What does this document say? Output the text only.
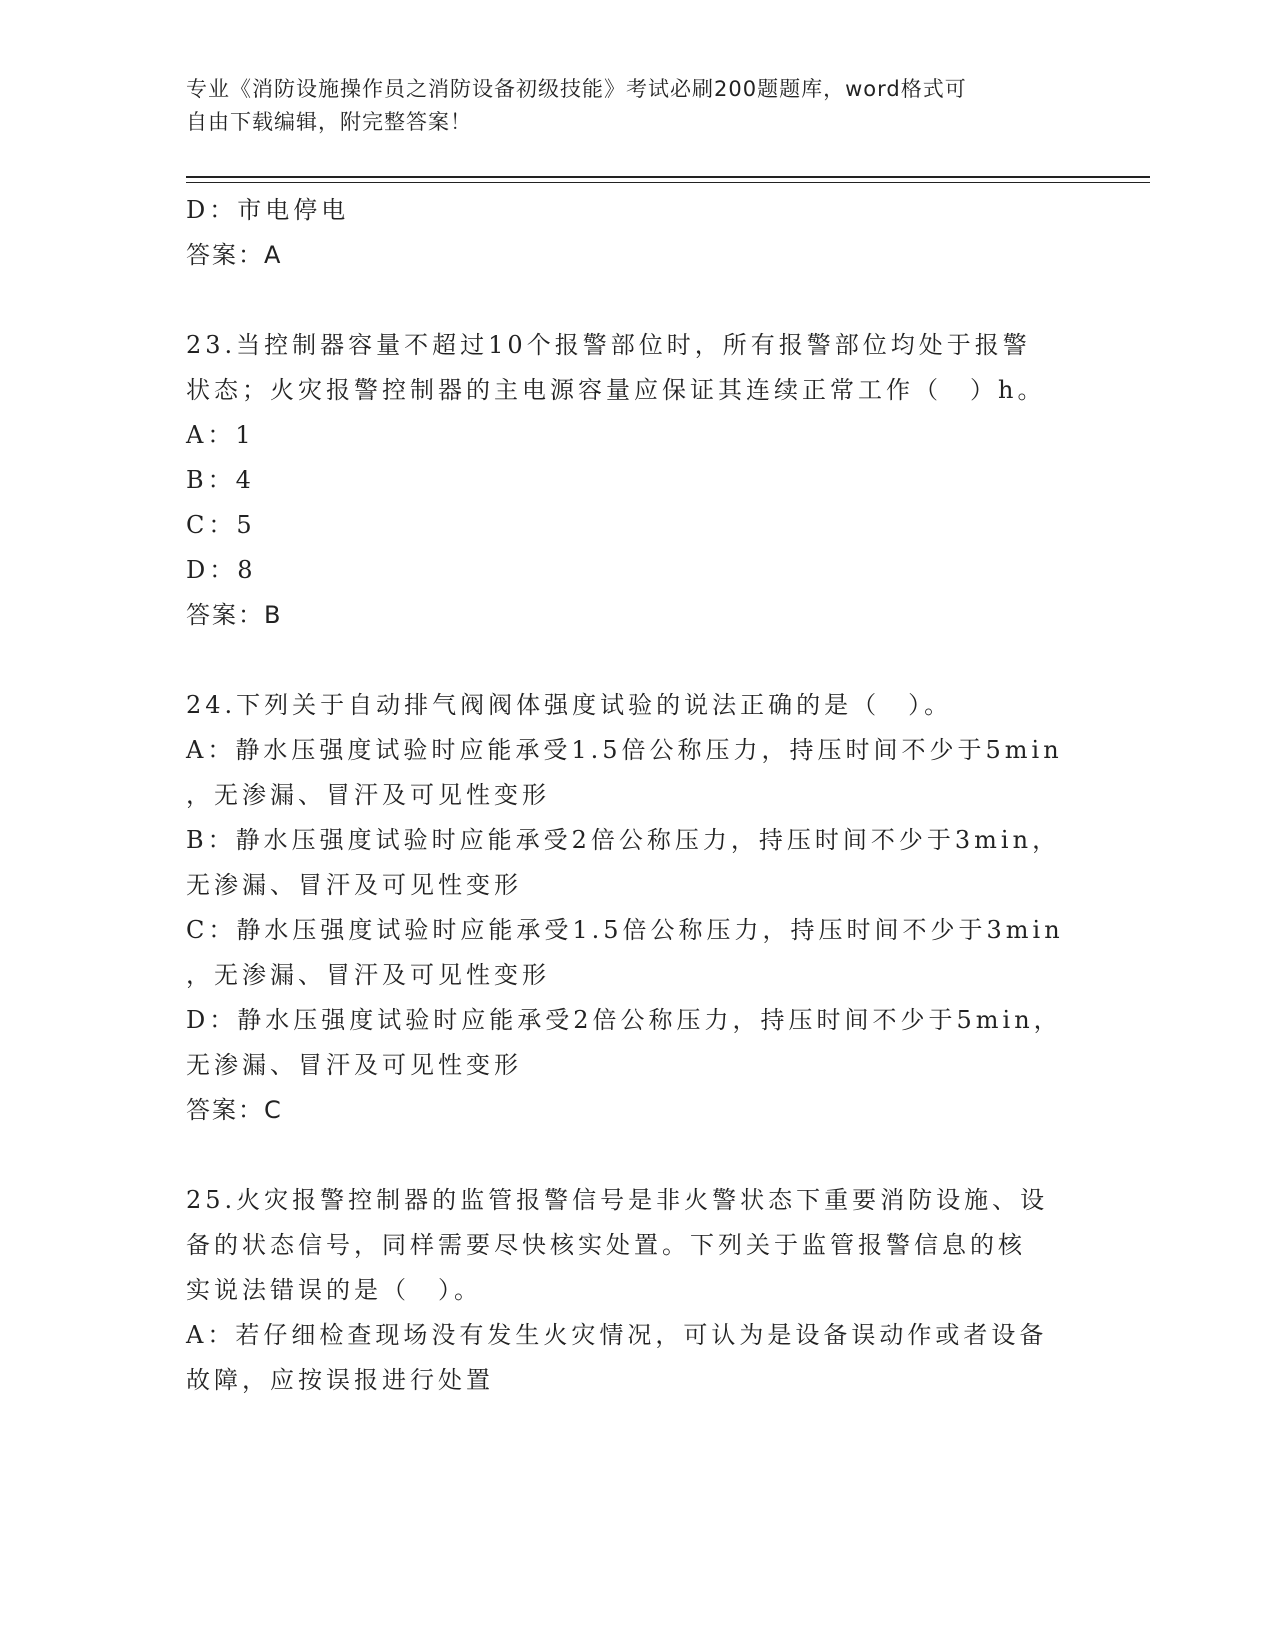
专业《消防设施操作员之消防设备初级技能》考试必刷200题题库，word格式可
自由下载编辑，附完整答案！
D：市电停电
答案：A
23.当控制器容量不超过10个报警部位时，所有报警部位均处于报警
状态；火灾报警控制器的主电源容量应保证其连续正常工作（　）h。
A：1
B：4
C：5
D：8
答案：B
24.下列关于自动排气阀阀体强度试验的说法正确的是（　）。
A：静水压强度试验时应能承受1.5倍公称压力，持压时间不少于5min
，无渗漏、冒汗及可见性变形
B：静水压强度试验时应能承受2倍公称压力，持压时间不少于3min，
无渗漏、冒汗及可见性变形
C：静水压强度试验时应能承受1.5倍公称压力，持压时间不少于3min
，无渗漏、冒汗及可见性变形
D：静水压强度试验时应能承受2倍公称压力，持压时间不少于5min，
无渗漏、冒汗及可见性变形
答案：C
25.火灾报警控制器的监管报警信号是非火警状态下重要消防设施、设
备的状态信号，同样需要尽快核实处置。下列关于监管报警信息的核
实说法错误的是（　）。
A：若仔细检查现场没有发生火灾情况，可认为是设备误动作或者设备
故障，应按误报进行处置
